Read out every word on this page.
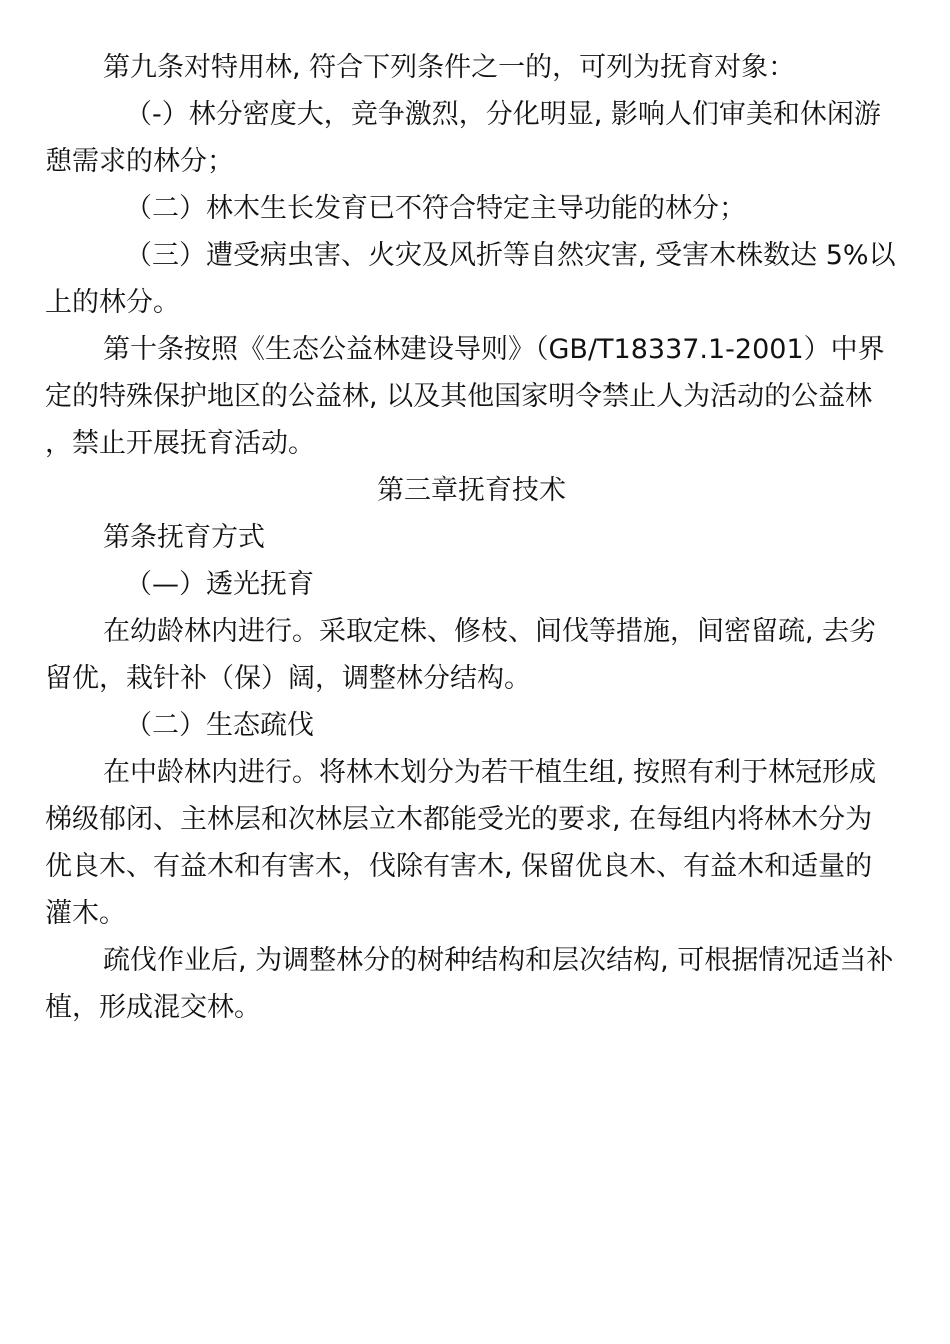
第九条对特用林, 符合下列条件之一的，可列为抚育对象：

（-）林分密度大，竞争激烈，分化明显, 影响人们审美和休闲游憩需求的林分；

（二）林木生长发育已不符合特定主导功能的林分；

（三）遭受病虫害、火灾及风折等自然灾害, 受害木株数达 5%以上的林分。

第十条按照《生态公益林建设导则》（GB/T18337.1-2001）中界定的特殊保护地区的公益林, 以及其他国家明令禁止人为活动的公益林，禁止开展抚育活动。

第三章抚育技术

第条抚育方式

（—）透光抚育

在幼龄林内进行。采取定株、修枝、间伐等措施，间密留疏, 去劣留优，栽针补（保）阔，调整林分结构。

（二）生态疏伐

在中龄林内进行。将林木划分为若干植生组, 按照有利于林冠形成梯级郁闭、主林层和次林层立木都能受光的要求, 在每组内将林木分为优良木、有益木和有害木，伐除有害木, 保留优良木、有益木和适量的灌木。

疏伐作业后, 为调整林分的树种结构和层次结构, 可根据情况适当补植，形成混交林。
